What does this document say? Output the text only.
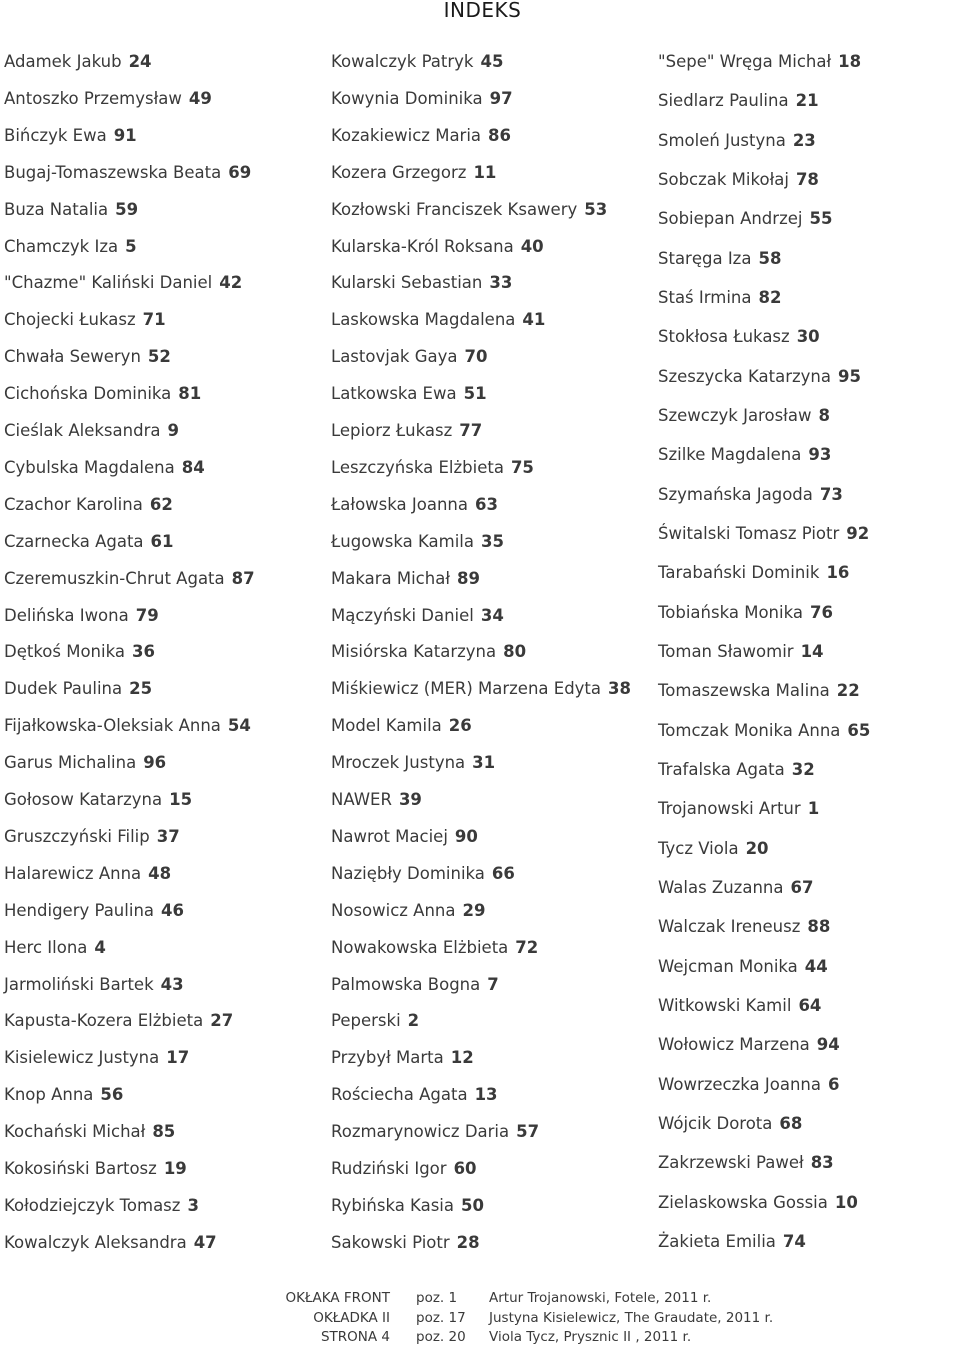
INDEKS
Adamek Jakub 24
Antoszko Przemysław 49
Bińczyk Ewa 91
Bugaj-Tomaszewska Beata 69
Buza Natalia 59
Chamczyk Iza 5
"Chazme" Kaliński Daniel 42
Chojecki Łukasz 71
Chwała Seweryn 52
Cichońska Dominika 81
Cieślak Aleksandra 9
Cybulska Magdalena 84
Czachor Karolina 62
Czarnecka Agata 61
Czeremuszkin-Chrut Agata 87
Delińska Iwona 79
Dętkoś Monika 36
Dudek Paulina 25
Fijałkowska-Oleksiak Anna 54
Garus Michalina 96
Gołosow Katarzyna 15
Gruszczyński Filip 37
Halarewicz Anna 48
Hendigery Paulina 46
Herc Ilona 4
Jarmoliński Bartek 43
Kapusta-Kozera Elżbieta 27
Kisielewicz Justyna 17
Knop Anna 56
Kochański Michał 85
Kokosiński Bartosz 19
Kołodziejczyk Tomasz 3
Kowalczyk Aleksandra 47
Kowalczyk Patryk 45
Kowynia Dominika 97
Kozakiewicz Maria 86
Kozera Grzegorz 11
Kozłowski Franciszek Ksawery 53
Kularska-Król Roksana 40
Kularski Sebastian 33
Laskowska Magdalena 41
Lastovjak Gaya 70
Latkowska Ewa 51
Lepiorz Łukasz 77
Leszczyńska Elżbieta 75
Łałowska Joanna 63
Ługowska Kamila 35
Makara Michał 89
Mączyński Daniel 34
Misiórska Katarzyna 80
Miśkiewicz (MER) Marzena Edyta 38
Model Kamila 26
Mroczek Justyna 31
NAWER 39
Nawrot Maciej 90
Naziębły Dominika 66
Nosowicz Anna 29
Nowakowska Elżbieta 72
Palmowska Bogna 7
Peperski 2
Przybył Marta 12
Rościecha Agata 13
Rozmarynowicz Daria 57
Rudziński Igor 60
Rybińska Kasia 50
Sakowski Piotr 28
"Sepe" Wręga Michał 18
Siedlarz Paulina 21
Smoleń Justyna 23
Sobczak Mikołaj 78
Sobiepan Andrzej 55
Staręga Iza 58
Staś Irmina 82
Stokłosa Łukasz 30
Szeszycka Katarzyna 95
Szewczyk Jarosław 8
Szilke Magdalena 93
Szymańska Jagoda 73
Świtalski Tomasz Piotr 92
Tarabański Dominik 16
Tobiańska Monika 76
Toman Sławomir 14
Tomaszewska Malina 22
Tomczak Monika Anna 65
Trafalska Agata 32
Trojanowski Artur 1
Tycz Viola 20
Walas Zuzanna 67
Walczak Ireneusz 88
Wejcman Monika 44
Witkowski Kamil 64
Wołowicz Marzena 94
Wowrzeczka Joanna 6
Wójcik Dorota 68
Zakrzewski Paweł 83
Zielaskowska Gossia 10
Żakieta Emilia 74
OKŁAKA FRONT poz. 1 Artur Trojanowski, Fotele, 2011 r.
OKŁADKA II poz. 17 Justyna Kisielewicz, The Graudate, 2011 r.
STRONA 4 poz. 20 Viola Tycz, Prysznic II , 2011 r.
